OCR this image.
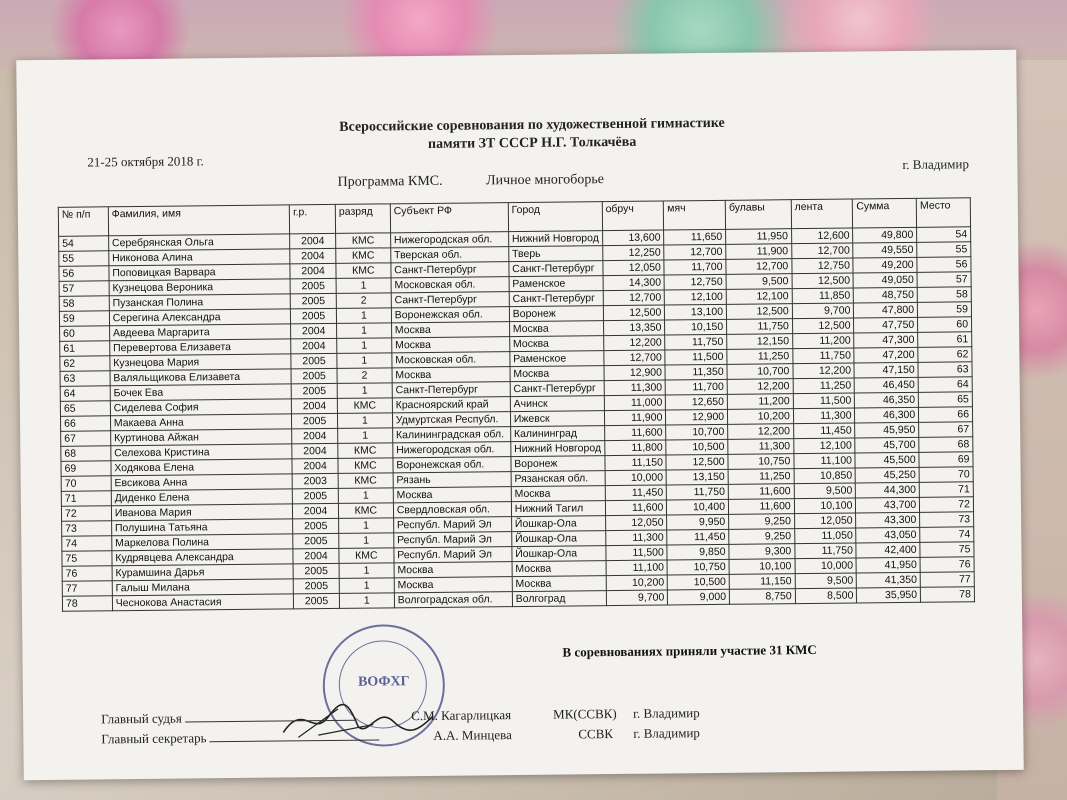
Всероссийские соревнования по художественной гимнастике
памяти ЗТ СССР Н.Г. Толкачёва
21-25 октября 2018 г.	г. Владимир
Программа КМС.	Личное многоборье
№ п/п	Фамилия, имя	г.р.	разряд	Субъект РФ	Город	обруч	мяч	булавы	лента	Сумма	Место
54	Серебрянская Ольга	2004	КМС	Нижегородская обл.	Нижний Новгород	13,600	11,650	11,950	12,600	49,800	54
55	Никонова Алина	2004	КМС	Тверская обл.	Тверь	12,250	12,700	11,900	12,700	49,550	55
56	Поповицкая Варвара	2004	КМС	Санкт-Петербург	Санкт-Петербург	12,050	11,700	12,700	12,750	49,200	56
57	Кузнецова Вероника	2005	1	Московская обл.	Раменское	14,300	12,750	9,500	12,500	49,050	57
58	Пузанская Полина	2005	2	Санкт-Петербург	Санкт-Петербург	12,700	12,100	12,100	11,850	48,750	58
59	Серегина Александра	2005	1	Воронежская обл.	Воронеж	12,500	13,100	12,500	9,700	47,800	59
60	Авдеева Маргарита	2004	1	Москва	Москва	13,350	10,150	11,750	12,500	47,750	60
61	Перевертова Елизавета	2004	1	Москва	Москва	12,200	11,750	12,150	11,200	47,300	61
62	Кузнецова Мария	2005	1	Московская обл.	Раменское	12,700	11,500	11,250	11,750	47,200	62
63	Валяльщикова Елизавета	2005	2	Москва	Москва	12,900	11,350	10,700	12,200	47,150	63
64	Бочек Ева	2005	1	Санкт-Петербург	Санкт-Петербург	11,300	11,700	12,200	11,250	46,450	64
65	Сиделева София	2004	КМС	Красноярский край	Ачинск	11,000	12,650	11,200	11,500	46,350	65
66	Макаева Анна	2005	1	Удмуртская Республ.	Ижевск	11,900	12,900	10,200	11,300	46,300	66
67	Куртинова Айжан	2004	1	Калининградская обл.	Калининград	11,600	10,700	12,200	11,450	45,950	67
68	Селехова Кристина	2004	КМС	Нижегородская обл.	Нижний Новгород	11,800	10,500	11,300	12,100	45,700	68
69	Ходякова Елена	2004	КМС	Воронежская обл.	Воронеж	11,150	12,500	10,750	11,100	45,500	69
70	Евсикова Анна	2003	КМС	Рязань	Рязанская обл.	10,000	13,150	11,250	10,850	45,250	70
71	Диденко Елена	2005	1	Москва	Москва	11,450	11,750	11,600	9,500	44,300	71
72	Иванова Мария	2004	КМС	Свердловская обл.	Нижний Тагил	11,600	10,400	11,600	10,100	43,700	72
73	Полушина Татьяна	2005	1	Республ. Марий Эл	Йошкар-Ола	12,050	9,950	9,250	12,050	43,300	73
74	Маркелова Полина	2005	1	Республ. Марий Эл	Йошкар-Ола	11,300	11,450	9,250	11,050	43,050	74
75	Кудрявцева Александра	2004	КМС	Республ. Марий Эл	Йошкар-Ола	11,500	9,850	9,300	11,750	42,400	75
76	Курамшина Дарья	2005	1	Москва	Москва	11,100	10,750	10,100	10,000	41,950	76
77	Галыш Милана	2005	1	Москва	Москва	10,200	10,500	11,150	9,500	41,350	77
78	Чеснокова Анастасия	2005	1	Волгоградская обл.	Волгоград	9,700	9,000	8,750	8,500	35,950	78
В соревнованиях приняли участие 31 КМС
ВОФХГ
Главный судья	С.М. Кагарлицкая	МК(ССВК) г. Владимир
Главный секретарь	А.А. Минцева	ССВК г. Владимир
